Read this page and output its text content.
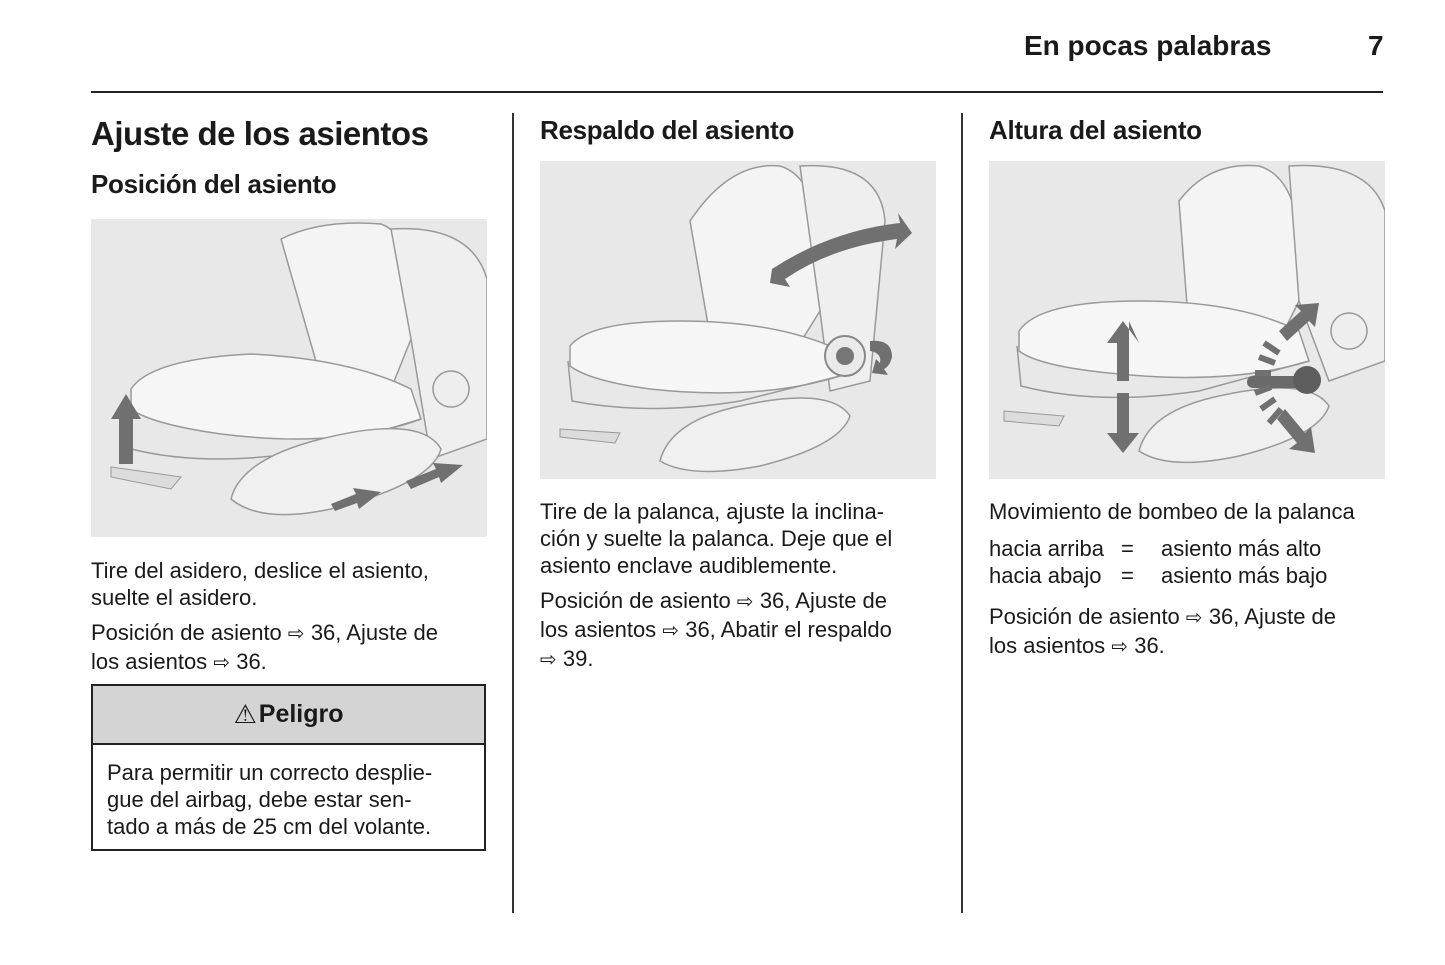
En pocas palabras	7
Ajuste de los asientos
Posición del asiento

Tire del asidero, deslice el asiento,
suelte el asidero.

Posición de asiento ⇨ 36, Ajuste de
los asientos ⇨ 36.

⚠ Peligro
Para permitir un correcto desplie-
gue del airbag, debe estar sen-
tado a más de 25 cm del volante.
Respaldo del asiento

Tire de la palanca, ajuste la inclina-
ción y suelte la palanca. Deje que el
asiento enclave audiblemente.

Posición de asiento ⇨ 36, Ajuste de
los asientos ⇨ 36, Abatir el respaldo
⇨ 39.

Altura del asiento

Movimiento de bombeo de la palanca

hacia arriba =	asiento más alto
hacia abajo =	asiento más bajo

Posición de asiento ⇨ 36, Ajuste de
los asientos ⇨ 36.
